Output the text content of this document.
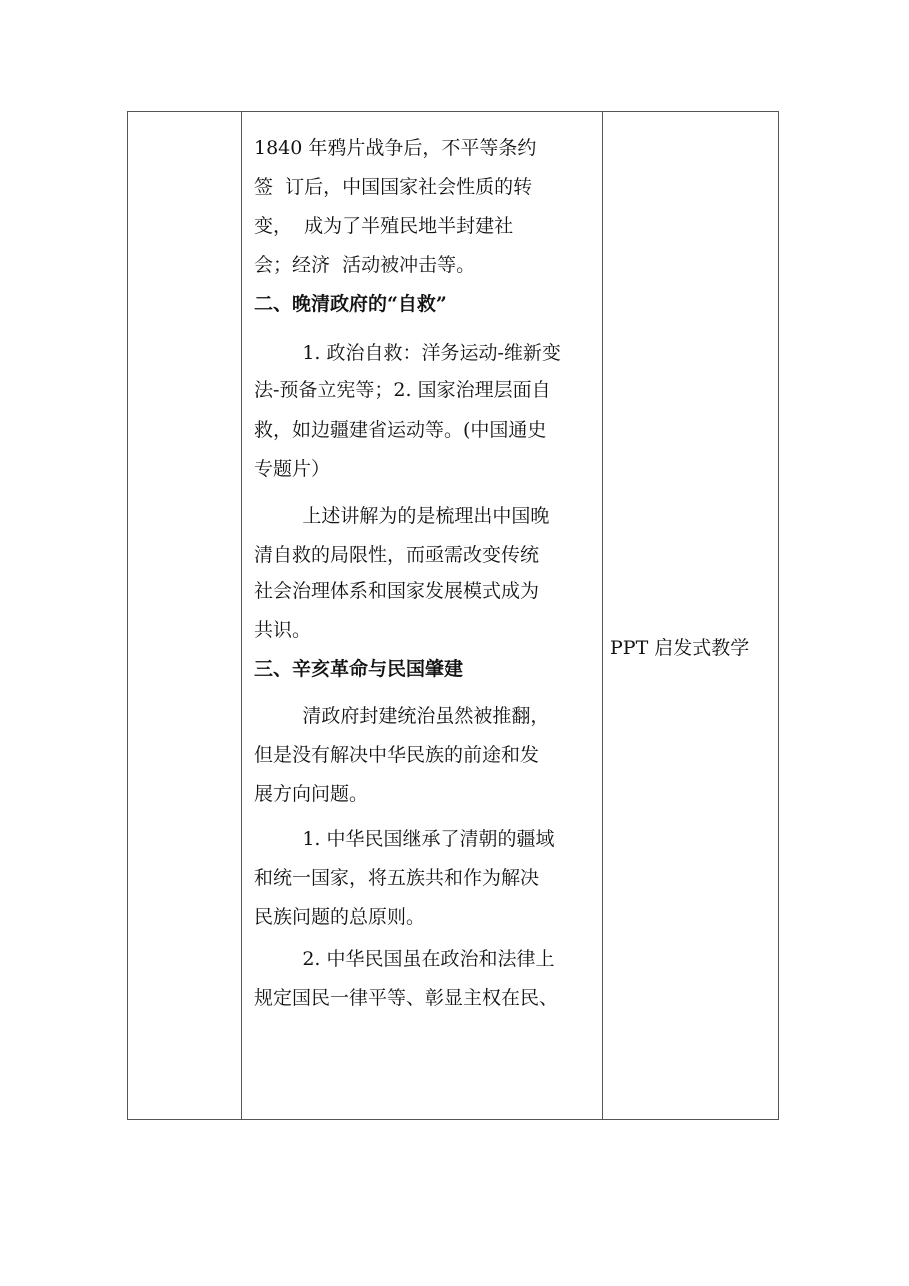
1840 年鸦片战争后，不平等条约
签  订后，中国国家社会性质的转
变，  成为了半殖民地半封建社
会；经济  活动被冲击等。
二、晚清政府的“自救”
1. 政治自救：洋务运动-维新变
法-预备立宪等；2. 国家治理层面自
救，如边疆建省运动等。(中国通史
专题片）
上述讲解为的是梳理出中国晚
清自救的局限性，而亟需改变传统
社会治理体系和国家发展模式成为
共识。
三、辛亥革命与民国肇建
清政府封建统治虽然被推翻，
但是没有解决中华民族的前途和发
展方向问题。
1. 中华民国继承了清朝的疆域
和统一国家，将五族共和作为解决
民族问题的总原则。
2. 中华民国虽在政治和法律上
规定国民一律平等、彰显主权在民、
PPT 启发式教学
